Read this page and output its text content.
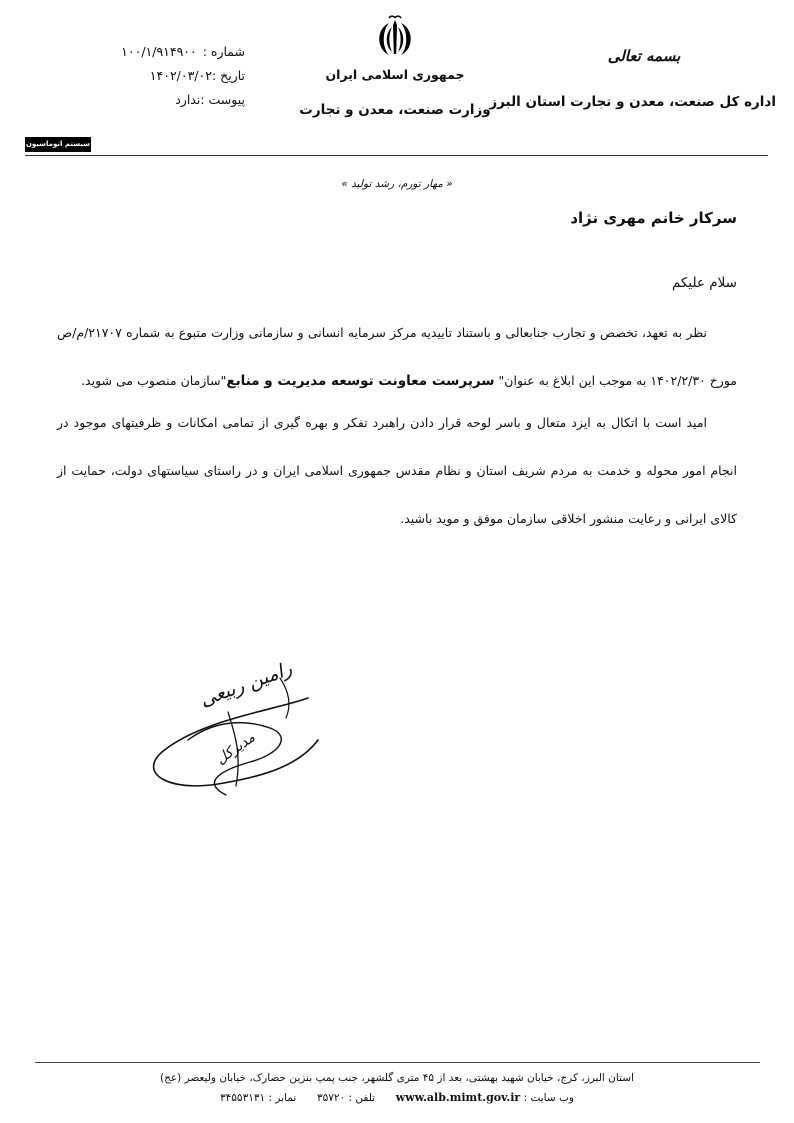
بسمه تعالی
اداره کل صنعت، معدن و تجارت استان البرز
جمهوری اسلامی ایران
وزارت صنعت، معدن و تجارت
شماره : ۱۰۰/۱/۹۱۴۹۰۰
تاریخ :۱۴۰۲/۰۳/۰۲
پیوست :ندارد
سیستم اتوماسیون
« مهار تورم، رشد تولید »
سرکار خانم مهری نژاد
سلام علیکم

نظر به تعهد، تخصص و تجارب جنابعالی و باستناد تاییدیه مرکز سرمایه انسانی و سازمانی وزارت متبوع به شماره ۲۱۷۰۷/م/ص مورخ ۱۴۰۲/۲/۳۰ به موجب این ابلاغ به عنوان" سرپرست معاونت توسعه مدیریت و منابع"سازمان منصوب می شوید.

امید است با اتکال به ایزد متعال و باسر لوحه قرار دادن راهبرد تفکر و بهره گیری از تمامی امکانات و ظرفیتهای موجود در انجام امور محوله و خدمت به مردم شریف استان و نظام مقدس جمهوری اسلامی ایران و در راستای سیاستهای دولت، حمایت از کالای ایرانی و رعایت منشور اخلاقی سازمان موفق و موید باشید.

رامین ربیعی
مدیرکل
استان البرز، کرج، خیابان شهید بهشتی، بعد از ۴۵ متری گلشهر، جنب پمپ بنزین حصارک، خیابان ولیعصر (عج)
وب سایت : www.alb.mimt.gov.ir  تلفن : ۳۵۷۲۰  نمابر : ۳۴۵۵۳۱۳۱
